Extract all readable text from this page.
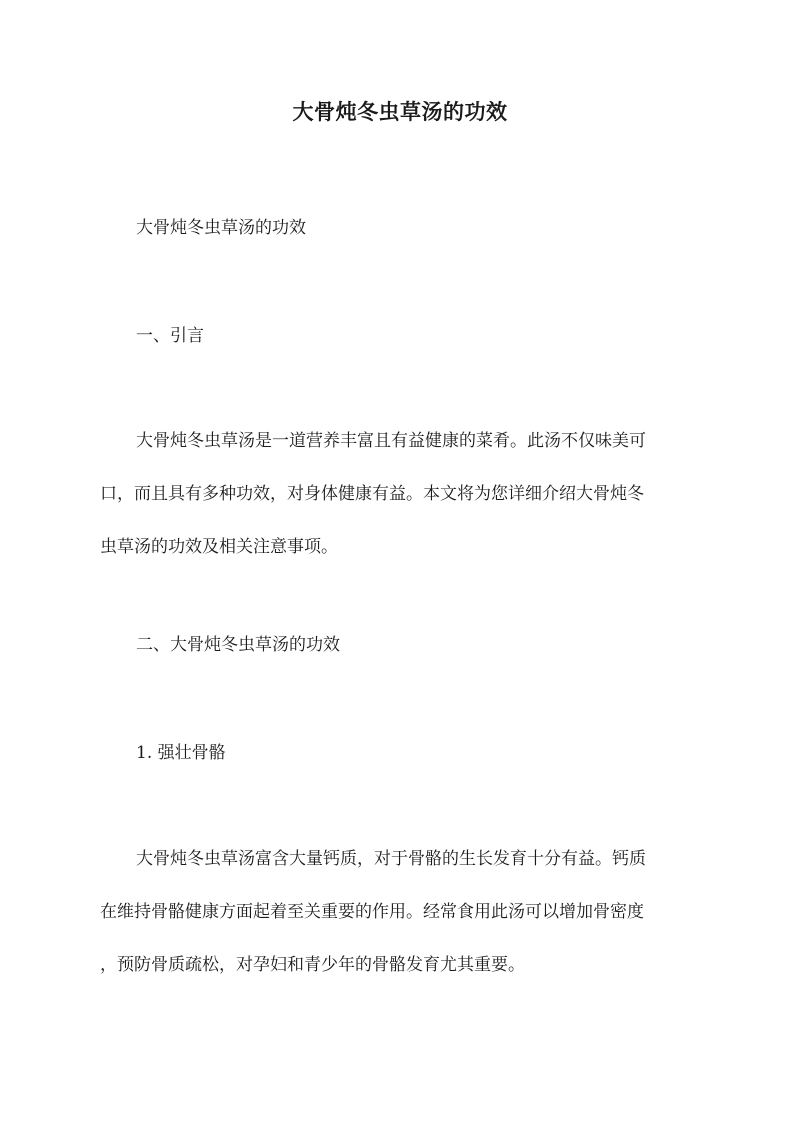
大骨炖冬虫草汤的功效
大骨炖冬虫草汤的功效
一、引言
大骨炖冬虫草汤是一道营养丰富且有益健康的菜肴。此汤不仅味美可
口，而且具有多种功效，对身体健康有益。本文将为您详细介绍大骨炖冬
虫草汤的功效及相关注意事项。
二、大骨炖冬虫草汤的功效
1. 强壮骨骼
大骨炖冬虫草汤富含大量钙质，对于骨骼的生长发育十分有益。钙质
在维持骨骼健康方面起着至关重要的作用。经常食用此汤可以增加骨密度
，预防骨质疏松，对孕妇和青少年的骨骼发育尤其重要。
